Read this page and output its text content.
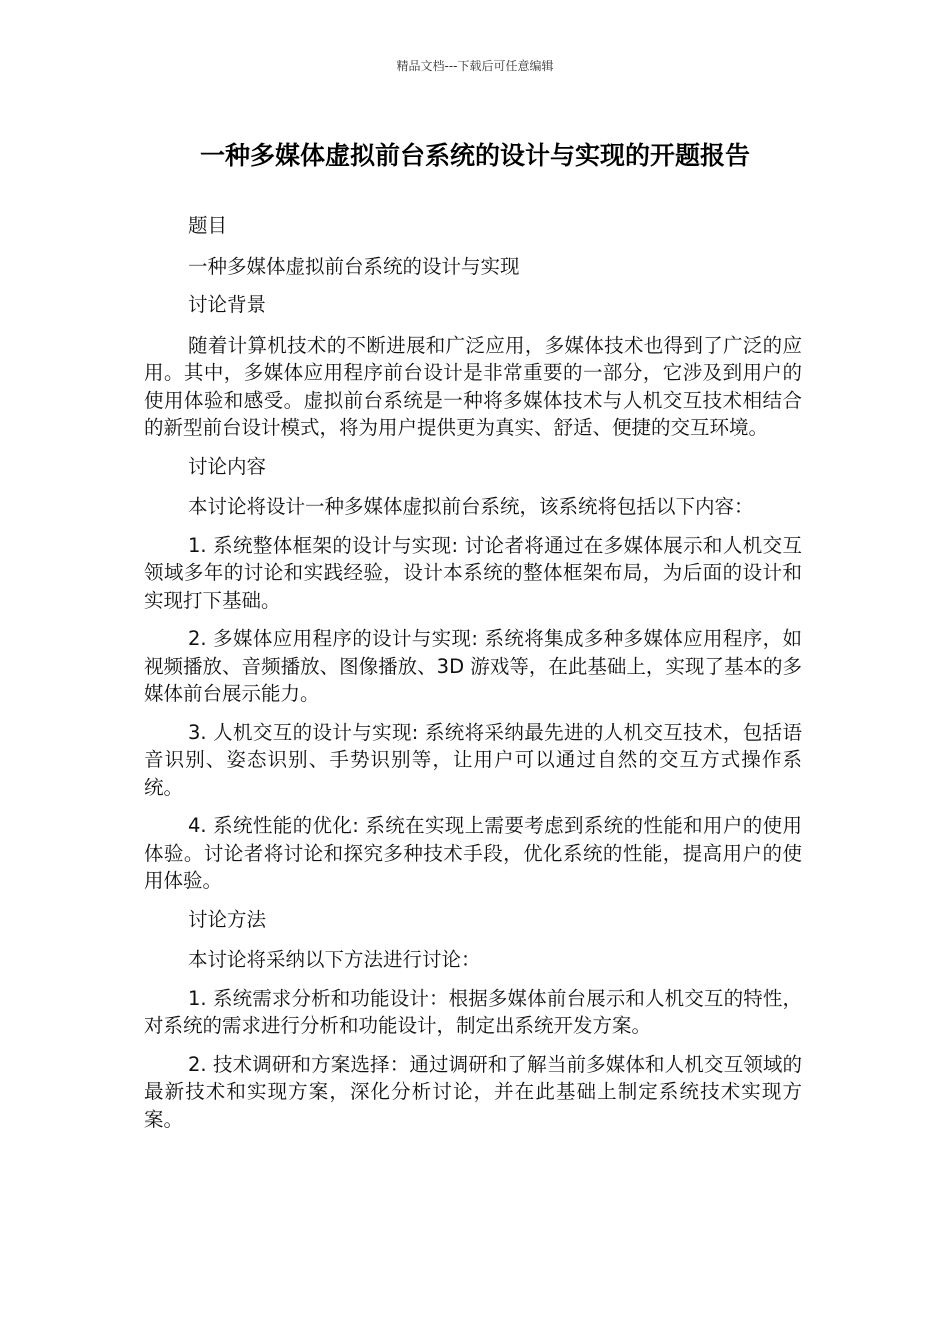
精品文档---下载后可任意编辑
一种多媒体虚拟前台系统的设计与实现的开题报告

题目

一种多媒体虚拟前台系统的设计与实现

讨论背景

随着计算机技术的不断进展和广泛应用，多媒体技术也得到了广泛的应用。其中，多媒体应用程序前台设计是非常重要的一部分，它涉及到用户的使用体验和感受。虚拟前台系统是一种将多媒体技术与人机交互技术相结合的新型前台设计模式，将为用户提供更为真实、舒适、便捷的交互环境。

讨论内容

本讨论将设计一种多媒体虚拟前台系统，该系统将包括以下内容：

1. 系统整体框架的设计与实现: 讨论者将通过在多媒体展示和人机交互领域多年的讨论和实践经验，设计本系统的整体框架布局，为后面的设计和实现打下基础。

2. 多媒体应用程序的设计与实现: 系统将集成多种多媒体应用程序，如视频播放、音频播放、图像播放、3D 游戏等，在此基础上，实现了基本的多媒体前台展示能力。

3. 人机交互的设计与实现: 系统将采纳最先进的人机交互技术，包括语音识别、姿态识别、手势识别等，让用户可以通过自然的交互方式操作系统。

4. 系统性能的优化: 系统在实现上需要考虑到系统的性能和用户的使用体验。讨论者将讨论和探究多种技术手段，优化系统的性能，提高用户的使用体验。

讨论方法

本讨论将采纳以下方法进行讨论：

1. 系统需求分析和功能设计：根据多媒体前台展示和人机交互的特性，对系统的需求进行分析和功能设计，制定出系统开发方案。

2. 技术调研和方案选择：通过调研和了解当前多媒体和人机交互领域的最新技术和实现方案，深化分析讨论，并在此基础上制定系统技术实现方案。
